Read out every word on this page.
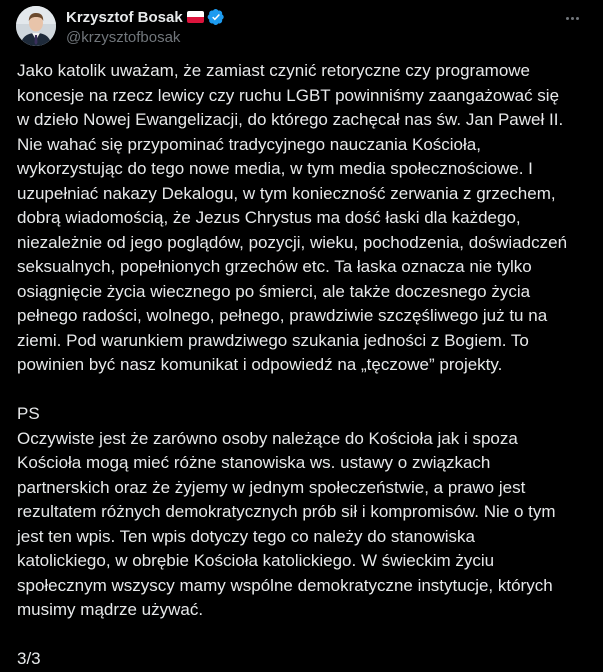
Krzysztof Bosak
@krzysztofbosak
Jako katolik uważam, że zamiast czynić retoryczne czy programowe
koncesje na rzecz lewicy czy ruchu LGBT powinniśmy zaangażować się
w dzieło Nowej Ewangelizacji, do którego zachęcał nas św. Jan Paweł II.
Nie wahać się przypominać tradycyjnego nauczania Kościoła,
wykorzystując do tego nowe media, w tym media społecznościowe. I
uzupełniać nakazy Dekalogu, w tym konieczność zerwania z grzechem,
dobrą wiadomością, że Jezus Chrystus ma dość łaski dla każdego,
niezależnie od jego poglądów, pozycji, wieku, pochodzenia, doświadczeń
seksualnych, popełnionych grzechów etc. Ta łaska oznacza nie tylko
osiągnięcie życia wiecznego po śmierci, ale także doczesnego życia
pełnego radości, wolnego, pełnego, prawdziwie szczęśliwego już tu na
ziemi. Pod warunkiem prawdziwego szukania jedności z Bogiem. To
powinien być nasz komunikat i odpowiedź na „tęczowe” projekty.
PS
Oczywiste jest że zarówno osoby należące do Kościoła jak i spoza
Kościoła mogą mieć różne stanowiska ws. ustawy o związkach
partnerskich oraz że żyjemy w jednym społeczeństwie, a prawo jest
rezultatem różnych demokratycznych prób sił i kompromisów. Nie o tym
jest ten wpis. Ten wpis dotyczy tego co należy do stanowiska
katolickiego, w obrębie Kościoła katolickiego. W świeckim życiu
społecznym wszyscy mamy wspólne demokratyczne instytucje, których
musimy mądrze używać.
3/3
